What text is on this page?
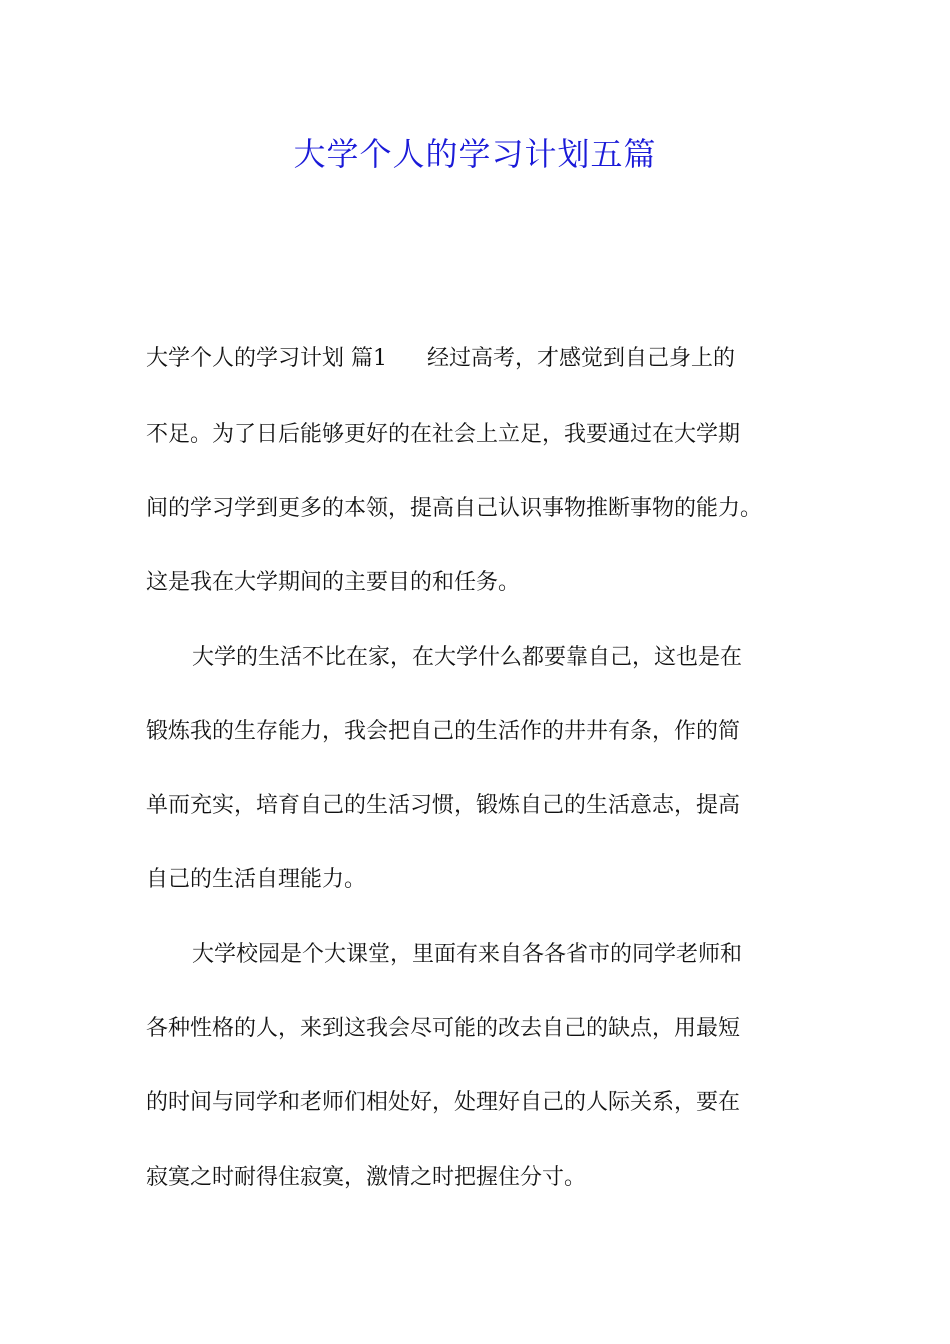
大学个人的学习计划五篇
大学个人的学习计划 篇1 经过高考，才感觉到自己身上的
不足。为了日后能够更好的在社会上立足，我要通过在大学期
间的学习学到更多的本领，提高自己认识事物推断事物的能力。
这是我在大学期间的主要目的和任务。
大学的生活不比在家，在大学什么都要靠自己，这也是在
锻炼我的生存能力，我会把自己的生活作的井井有条，作的简
单而充实，培育自己的生活习惯，锻炼自己的生活意志，提高
自己的生活自理能力。
大学校园是个大课堂，里面有来自各各省市的同学老师和
各种性格的人，来到这我会尽可能的改去自己的缺点，用最短
的时间与同学和老师们相处好，处理好自己的人际关系，要在
寂寞之时耐得住寂寞，激情之时把握住分寸。
